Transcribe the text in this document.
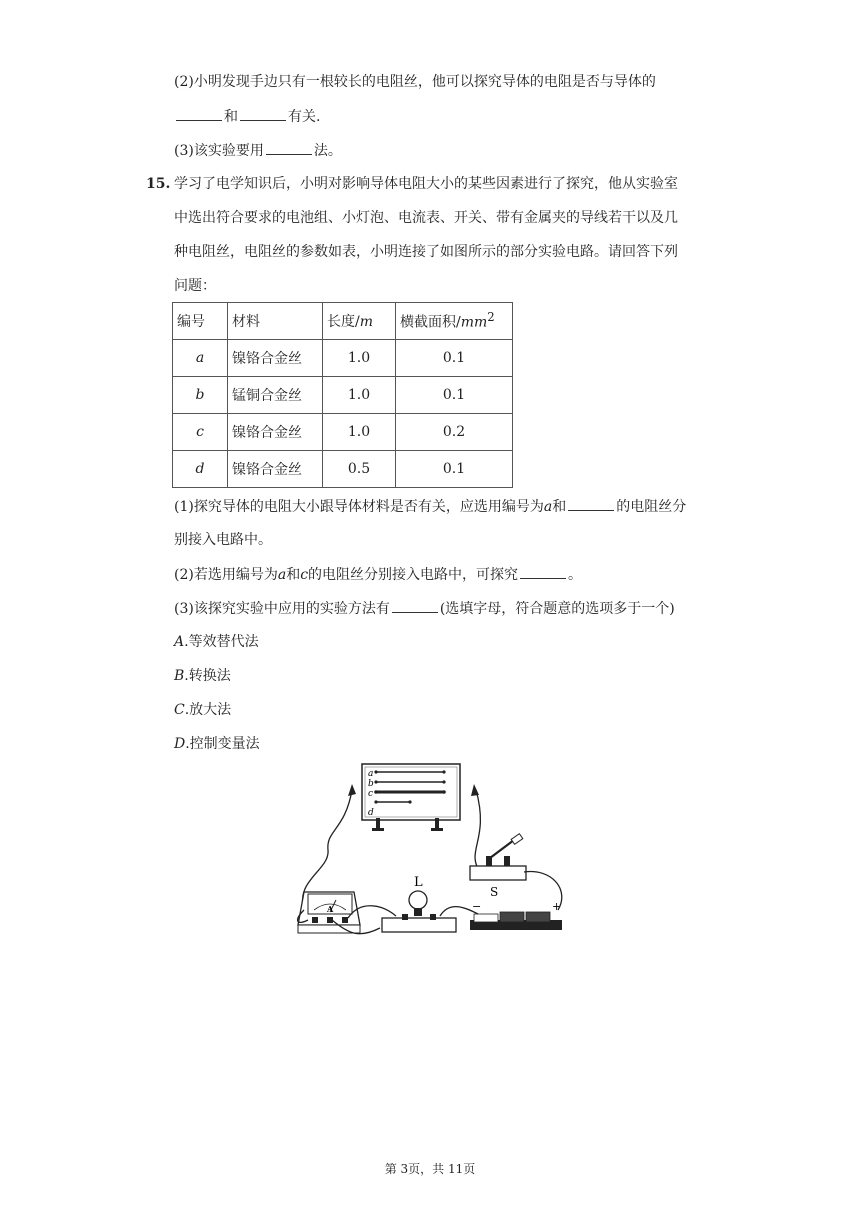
(2)小明发现手边只有一根较长的电阻丝，他可以探究导体的电阻是否与导体的
和	有关.
(3)该实验要用	法。
15. 学习了电学知识后，小明对影响导体电阻大小的某些因素进行了探究，他从实验室
中选出符合要求的电池组、小灯泡、电流表、开关、带有金属夹的导线若干以及几
种电阻丝，电阻丝的参数如表，小明连接了如图所示的部分实验电路。请回答下列
问题：
编号	材料	长度/m	横截面积$/mm^2$
a	镍铬合金丝	1.0	0.1
b	锰铜合金丝	1.0	0.1
c	镍铬合金丝	1.0	0.2
d	镍铬合金丝	0.5	0.1
(1)探究导体的电阻大小跟导体材料是否有关，应选用编号为a和	的电阻丝分
别接入电路中。
(2)若选用编号为a和c的电阻丝分别接入电路中，可探究	。
(3)该探究实验中应用的实验方法有	(选填字母，符合题意的选项多于一个)
A.等效替代法
B.转换法
C.放大法
D.控制变量法
a
b
c
d
A
L
S
−	+
第 3页，共 11页
